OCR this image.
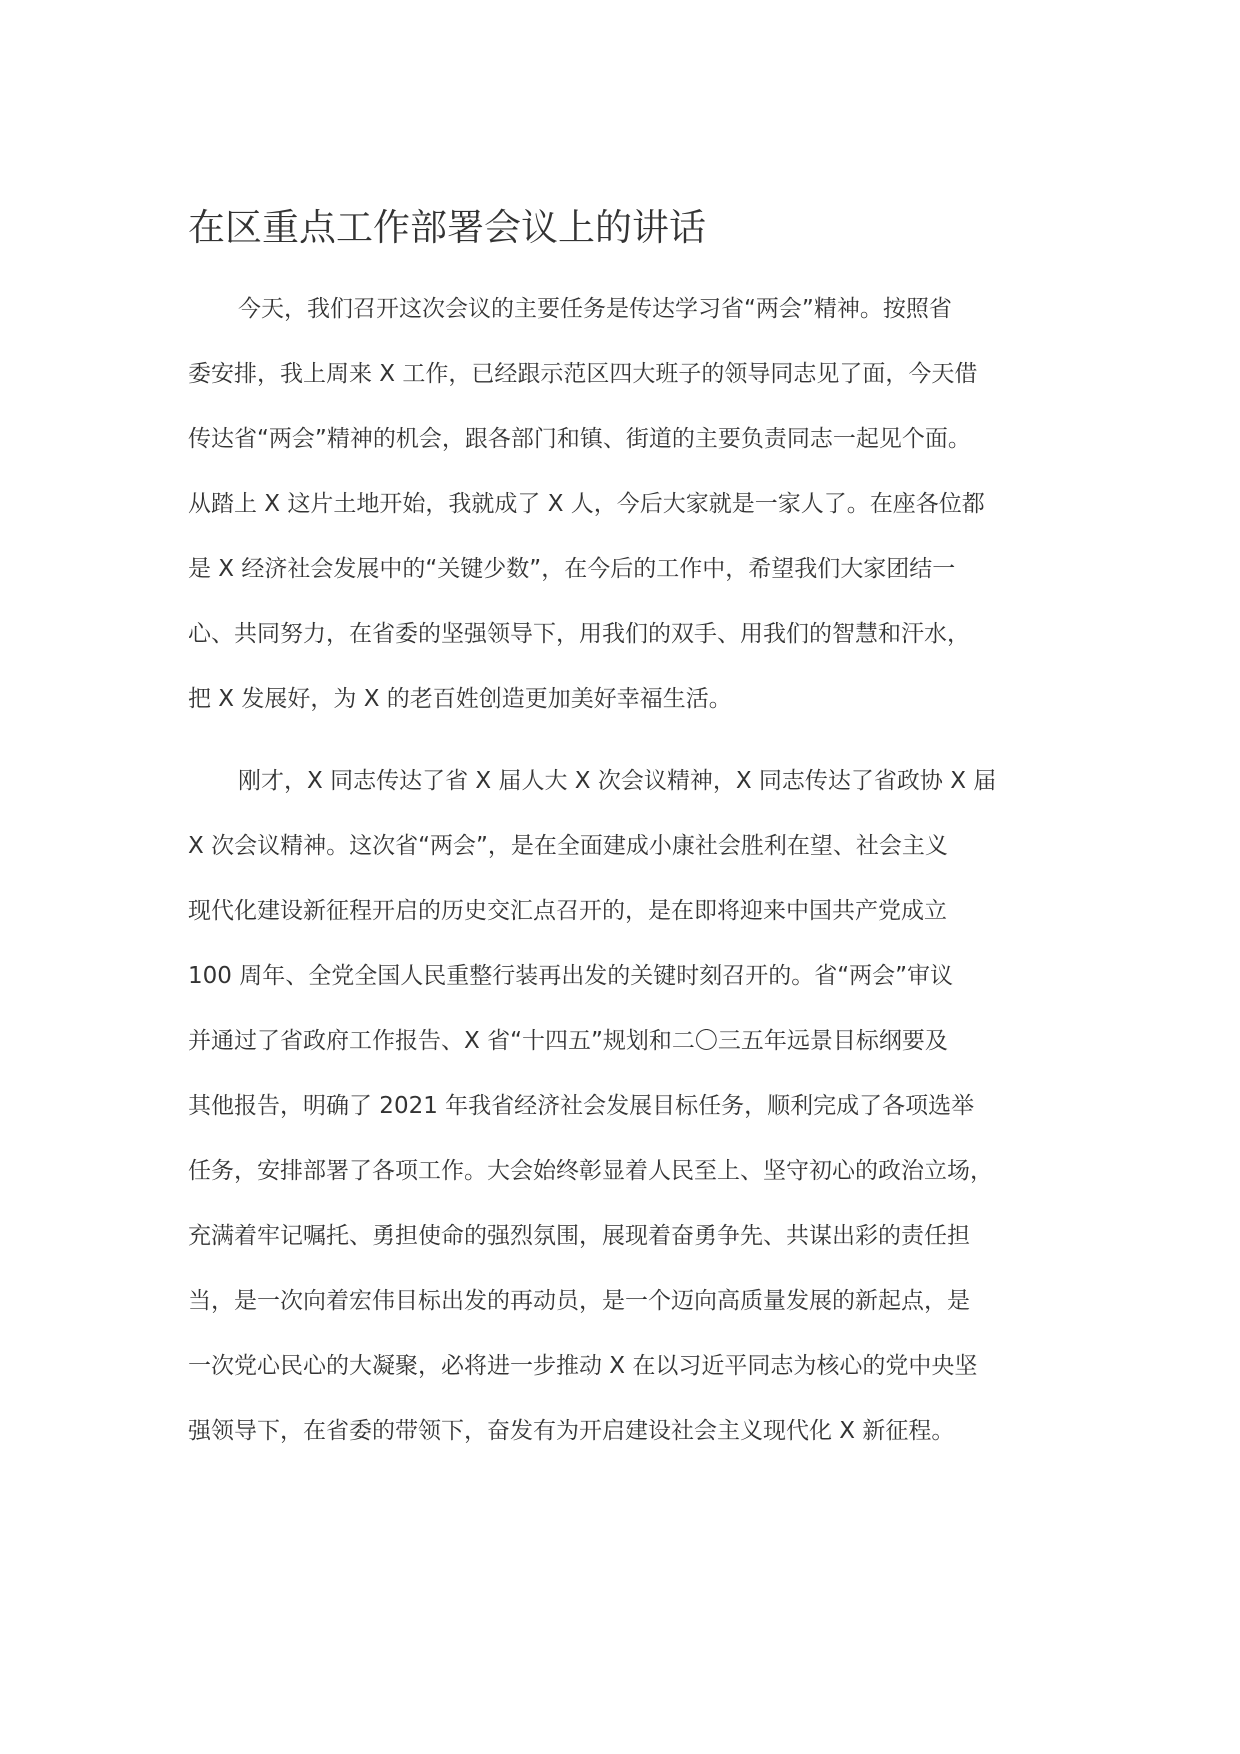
在区重点工作部署会议上的讲话

今天，我们召开这次会议的主要任务是传达学习省“两会”精神。按照省
委安排，我上周来 X 工作，已经跟示范区四大班子的领导同志见了面，今天借
传达省“两会”精神的机会，跟各部门和镇、街道的主要负责同志一起见个面。
从踏上 X 这片土地开始，我就成了 X 人，今后大家就是一家人了。在座各位都
是 X 经济社会发展中的“关键少数”，在今后的工作中，希望我们大家团结一
心、共同努力，在省委的坚强领导下，用我们的双手、用我们的智慧和汗水，
把 X 发展好，为 X 的老百姓创造更加美好幸福生活。

刚才，X 同志传达了省 X 届人大 X 次会议精神，X 同志传达了省政协 X 届
X 次会议精神。这次省“两会”，是在全面建成小康社会胜利在望、社会主义
现代化建设新征程开启的历史交汇点召开的，是在即将迎来中国共产党成立
100 周年、全党全国人民重整行装再出发的关键时刻召开的。省“两会”审议
并通过了省政府工作报告、X 省“十四五”规划和二〇三五年远景目标纲要及
其他报告，明确了 2021 年我省经济社会发展目标任务，顺利完成了各项选举
任务，安排部署了各项工作。大会始终彰显着人民至上、坚守初心的政治立场，
充满着牢记嘱托、勇担使命的强烈氛围，展现着奋勇争先、共谋出彩的责任担
当，是一次向着宏伟目标出发的再动员，是一个迈向高质量发展的新起点，是
一次党心民心的大凝聚，必将进一步推动 X 在以习近平同志为核心的党中央坚
强领导下，在省委的带领下，奋发有为开启建设社会主义现代化 X 新征程。
